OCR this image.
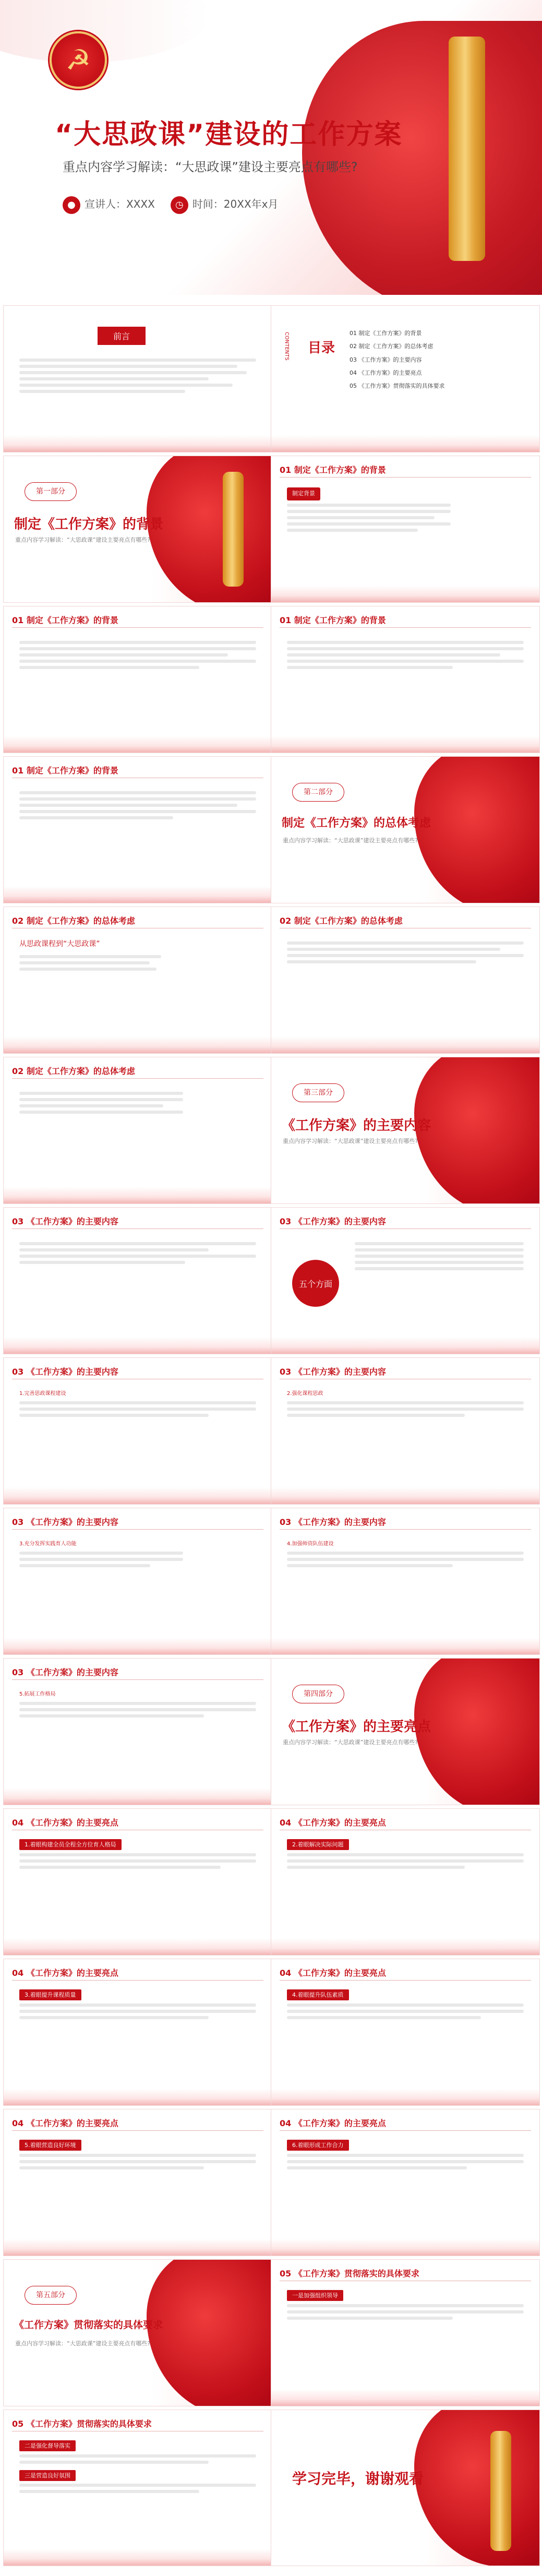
☭
“大思政课”建设的工作方案
重点内容学习解读：“大思政课”建设主要亮点有哪些?
● 宣讲人：XXXX	◷ 时间：20XX年x月
前言
目录
CONTENTS	01 制定《工作方案》的背景
02 制定《工作方案》的总体考虑
03 《工作方案》的主要内容
04 《工作方案》的主要亮点
05 《工作方案》贯彻落实的具体要求
第一部分
制定《工作方案》的背景
重点内容学习解读：“大思政课”建设主要亮点有哪些?
01 制定《工作方案》的背景
制定背景
01 制定《工作方案》的背景	01 制定《工作方案》的背景
01 制定《工作方案》的背景
第二部分
制定《工作方案》的总体考虑
重点内容学习解读：“大思政课”建设主要亮点有哪些?
02 制定《工作方案》的总体考虑
从思政课程到“大思政课”
02 制定《工作方案》的总体考虑
02 制定《工作方案》的总体考虑
第三部分
《工作方案》的主要内容
重点内容学习解读：“大思政课”建设主要亮点有哪些?
03 《工作方案》的主要内容	03 《工作方案》的主要内容
五个方面
03 《工作方案》的主要内容
1.完善思政课程建设
03 《工作方案》的主要内容
2.强化课程思政
03 《工作方案》的主要内容
3.充分发挥实践育人功能
03 《工作方案》的主要内容
4.加强师资队伍建设
03 《工作方案》的主要内容
5.拓展工作格局	第四部分
《工作方案》的主要亮点
重点内容学习解读：“大思政课”建设主要亮点有哪些?
04 《工作方案》的主要亮点
1.着眼构建全员全程全方位育人格局
04 《工作方案》的主要亮点
2.着眼解决实际问题
04 《工作方案》的主要亮点
3.着眼提升课程质量
04 《工作方案》的主要亮点
4.着眼提升队伍素质
04 《工作方案》的主要亮点
5.着眼营造良好环境
04 《工作方案》的主要亮点
6.着眼形成工作合力
第五部分
《工作方案》贯彻落实的具体要求
重点内容学习解读：“大思政课”建设主要亮点有哪些?
05 《工作方案》贯彻落实的具体要求
一是加强组织领导
05 《工作方案》贯彻落实的具体要求
二是强化督导落实
三是营造良好氛围	学习完毕，谢谢观看
